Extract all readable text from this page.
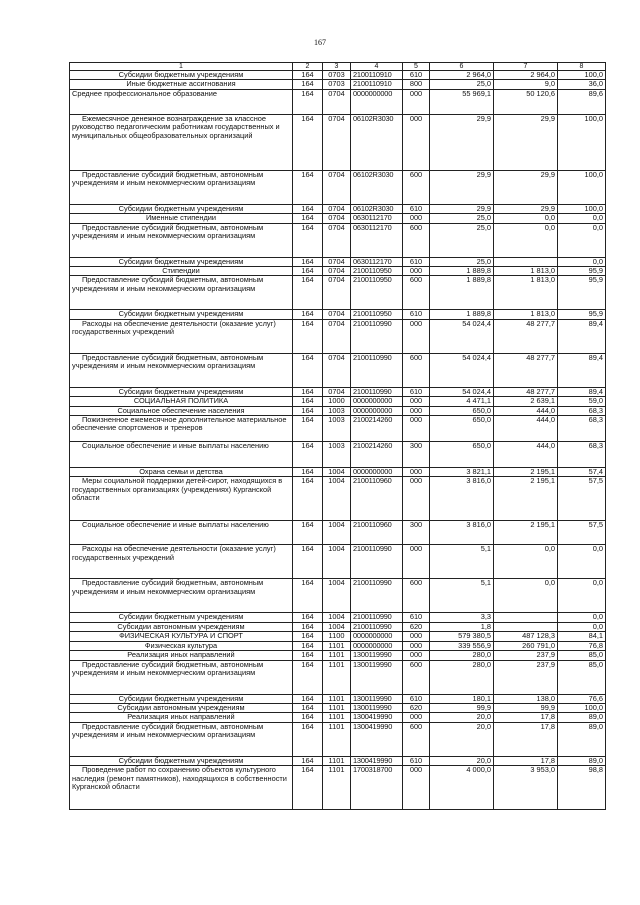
167
1	2	3	4	5	6	7	8
Субсидии бюджетным учреждениям	164	0703	2100110910	610	2 964,0	2 964,0	100,0
Иные бюджетные ассигнования	164	0703	2100110910	800	25,0	9,0	36,0
Среднее профессиональное образование	164	0704	0000000000	000	55 969,1	50 120,6	89,6
Ежемесячное денежное вознаграждение за классное руководство педагогическим работникам государственных и муниципальных общеобразовательных организаций	164	0704	06102R3030	000	29,9	29,9	100,0
Предоставление субсидий бюджетным, автономным учреждениям и иным некоммерческим организациям	164	0704	06102R3030	600	29,9	29,9	100,0
Субсидии бюджетным учреждениям	164	0704	06102R3030	610	29,9	29,9	100,0
Именные стипендии	164	0704	0630112170	000	25,0	0,0	0,0
Предоставление субсидий бюджетным, автономным учреждениям и иным некоммерческим организациям	164	0704	0630112170	600	25,0	0,0	0,0
Субсидии бюджетным учреждениям	164	0704	0630112170	610	25,0		0,0
Стипендии	164	0704	2100110950	000	1 889,8	1 813,0	95,9
Предоставление субсидий бюджетным, автономным учреждениям и иным некоммерческим организациям	164	0704	2100110950	600	1 889,8	1 813,0	95,9
Субсидии бюджетным учреждениям	164	0704	2100110950	610	1 889,8	1 813,0	95,9
Расходы на обеспечение деятельности (оказание услуг) государственных учреждений	164	0704	2100110990	000	54 024,4	48 277,7	89,4
Предоставление субсидий бюджетным, автономным учреждениям и иным некоммерческим организациям	164	0704	2100110990	600	54 024,4	48 277,7	89,4
Субсидии бюджетным учреждениям	164	0704	2100110990	610	54 024,4	48 277,7	89,4
СОЦИАЛЬНАЯ ПОЛИТИКА	164	1000	0000000000	000	4 471,1	2 639,1	59,0
Социальное обеспечение населения	164	1003	0000000000	000	650,0	444,0	68,3
Пожизненное ежемесячное дополнительное материальное обеспечение спортсменов и тренеров	164	1003	2100214260	000	650,0	444,0	68,3
Социальное обеспечение и иные выплаты населению	164	1003	2100214260	300	650,0	444,0	68,3
Охрана семьи и детства	164	1004	0000000000	000	3 821,1	2 195,1	57,4
Меры социальной поддержки детей-сирот, находящихся в государственных организациях (учреждениях) Курганской области	164	1004	2100110960	000	3 816,0	2 195,1	57,5
Социальное обеспечение и иные выплаты населению	164	1004	2100110960	300	3 816,0	2 195,1	57,5
Расходы на обеспечение деятельности (оказание услуг) государственных учреждений	164	1004	2100110990	000	5,1	0,0	0,0
Предоставление субсидий бюджетным, автономным учреждениям и иным некоммерческим организациям	164	1004	2100110990	600	5,1	0,0	0,0
Субсидии бюджетным учреждениям	164	1004	2100110990	610	3,3		0,0
Субсидии автономным учреждениям	164	1004	2100110990	620	1,8		0,0
ФИЗИЧЕСКАЯ КУЛЬТУРА И СПОРТ	164	1100	0000000000	000	579 380,5	487 128,3	84,1
Физическая культура	164	1101	0000000000	000	339 556,9	260 791,0	76,8
Реализация иных направлений	164	1101	1300119990	000	280,0	237,9	85,0
Предоставление субсидий бюджетным, автономным учреждениям и иным некоммерческим организациям	164	1101	1300119990	600	280,0	237,9	85,0
Субсидии бюджетным учреждениям	164	1101	1300119990	610	180,1	138,0	76,6
Субсидии автономным учреждениям	164	1101	1300119990	620	99,9	99,9	100,0
Реализация иных направлений	164	1101	1300419990	000	20,0	17,8	89,0
Предоставление субсидий бюджетным, автономным учреждениям и иным некоммерческим организациям	164	1101	1300419990	600	20,0	17,8	89,0
Субсидии бюджетным учреждениям	164	1101	1300419990	610	20,0	17,8	89,0
Проведение работ по сохранению объектов культурного наследия (ремонт памятников), находящихся в собственности Курганской области	164	1101	1700318700	000	4 000,0	3 953,0	98,8
